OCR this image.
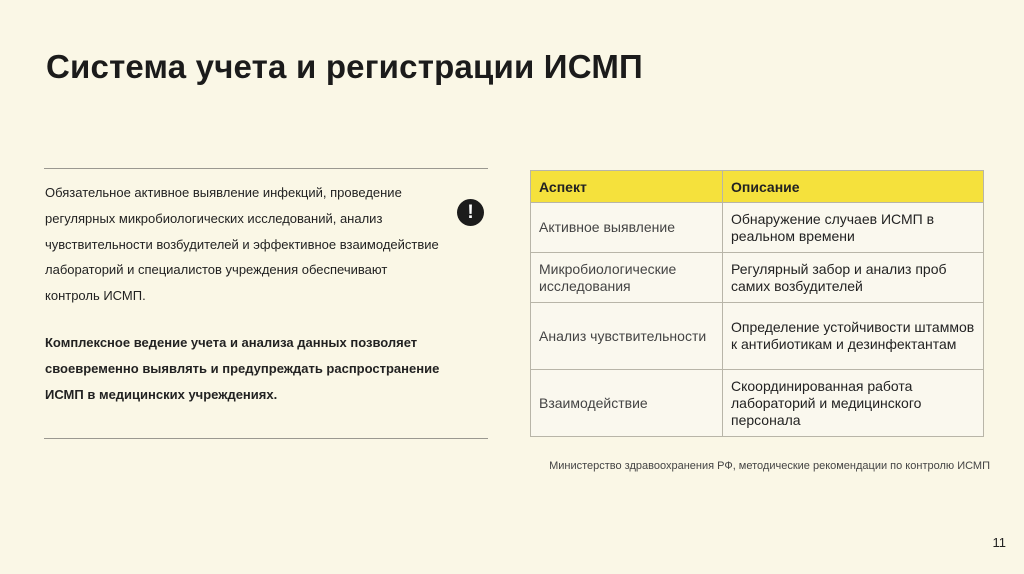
Система учета и регистрации ИСМП
Обязательное активное выявление инфекций, проведение регулярных микробиологических исследований, анализ чувствительности возбудителей и эффективное взаимодействие лабораторий и специалистов учреждения обеспечивают контроль ИСМП.
Комплексное ведение учета и анализа данных позволяет своевременно выявлять и предупреждать распространение ИСМП в медицинских учреждениях.
!
Аспект	Описание
Активное выявление	Обнаружение случаев ИСМП в реальном времени
Микробиологические исследования	Регулярный забор и анализ проб самих возбудителей
Анализ чувствительности	Определение устойчивости штаммов к антибиотикам и дезинфектантам
Взаимодействие	Скоординированная работа лабораторий и медицинского персонала
Министерство здравоохранения РФ, методические рекомендации по контролю ИСМП
11
